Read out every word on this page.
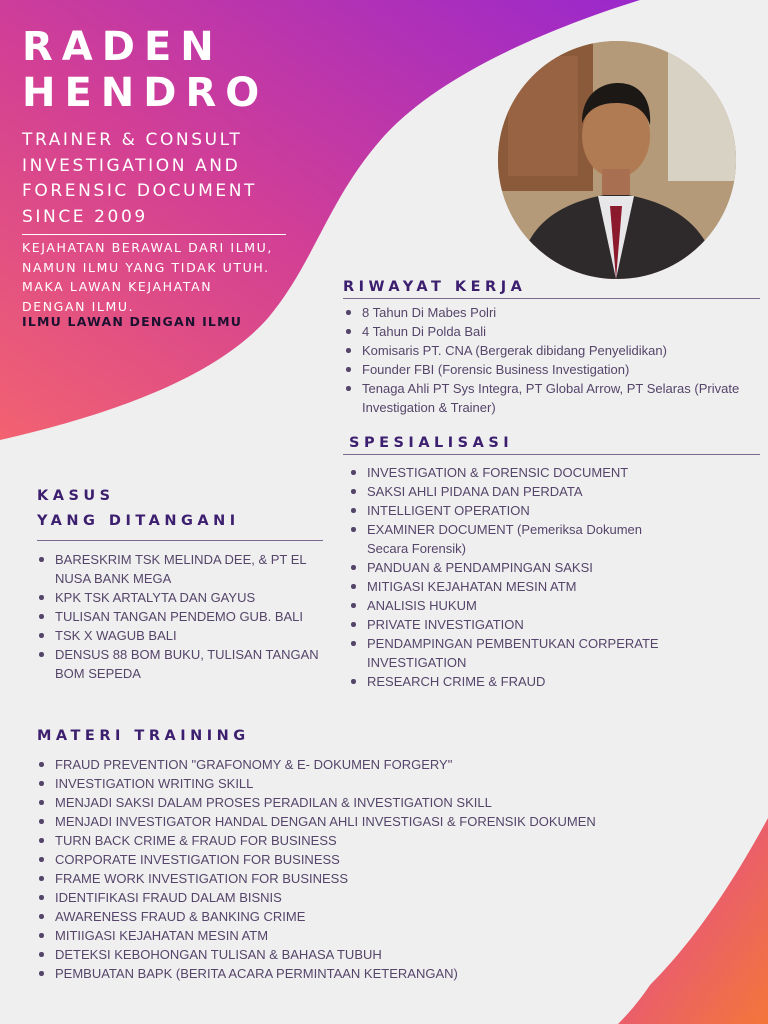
RADEN
HENDRO
TRAINER & CONSULT
INVESTIGATION AND
FORENSIC DOCUMENT
SINCE 2009
KEJAHATAN BERAWAL DARI ILMU,
NAMUN ILMU YANG TIDAK UTUH.
MAKA LAWAN KEJAHATAN
DENGAN ILMU.
ILMU LAWAN DENGAN ILMU
RIWAYAT KERJA
8 Tahun Di Mabes Polri
4 Tahun Di Polda Bali
Komisaris PT. CNA (Bergerak dibidang Penyelidikan)
Founder FBI (Forensic Business Investigation)
Tenaga Ahli PT Sys Integra, PT Global Arrow, PT Selaras (Private Investigation & Trainer)
SPESIALISASI
INVESTIGATION & FORENSIC DOCUMENT
SAKSI AHLI PIDANA DAN PERDATA
INTELLIGENT OPERATION
EXAMINER DOCUMENT (Pemeriksa Dokumen Secara Forensik)
PANDUAN & PENDAMPINGAN SAKSI
MITIGASI KEJAHATAN MESIN ATM
ANALISIS HUKUM
PRIVATE INVESTIGATION
PENDAMPINGAN PEMBENTUKAN CORPERATE INVESTIGATION
RESEARCH CRIME & FRAUD
KASUS
YANG DITANGANI
BARESKRIM TSK MELINDA DEE, & PT EL NUSA BANK MEGA
KPK TSK ARTALYTA DAN GAYUS
TULISAN TANGAN PENDEMO GUB. BALI
TSK X WAGUB BALI
DENSUS 88 BOM BUKU, TULISAN TANGAN BOM SEPEDA
MATERI TRAINING
FRAUD PREVENTION "GRAFONOMY & E- DOKUMEN FORGERY"
INVESTIGATION WRITING SKILL
MENJADI SAKSI DALAM PROSES PERADILAN & INVESTIGATION SKILL
MENJADI INVESTIGATOR HANDAL DENGAN AHLI INVESTIGASI & FORENSIK DOKUMEN
TURN BACK CRIME & FRAUD FOR BUSINESS
CORPORATE INVESTIGATION FOR BUSINESS
FRAME WORK INVESTIGATION FOR BUSINESS
IDENTIFIKASI FRAUD DALAM BISNIS
AWARENESS FRAUD & BANKING CRIME
MITIIGASI KEJAHATAN MESIN ATM
DETEKSI KEBOHONGAN TULISAN & BAHASA TUBUH
PEMBUATAN BAPK (BERITA ACARA PERMINTAAN KETERANGAN)
